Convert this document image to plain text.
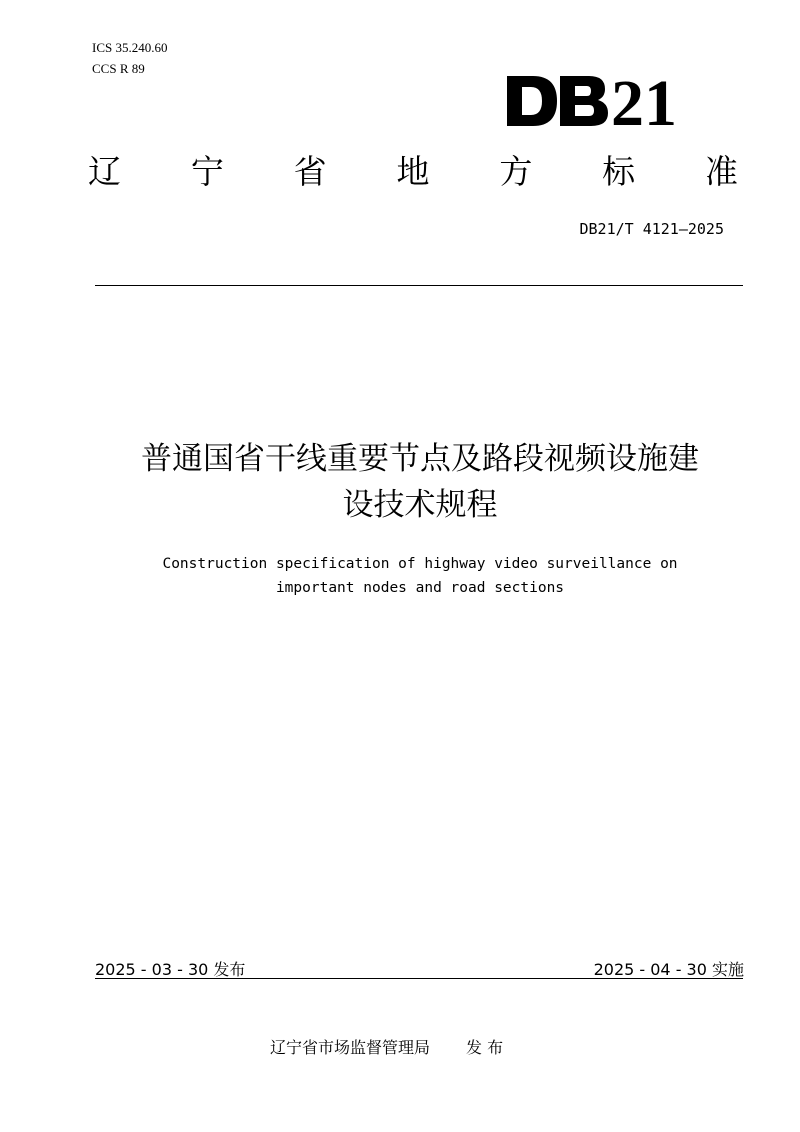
ICS 35.240.60
CCS R 89	21
辽 宁 省 地 方 标 准
DB21/T 4121—2025
普通国省干线重要节点及路段视频设施建
设技术规程
Construction specification of highway video surveillance on
important nodes and road sections
2025 - 03 - 30 发布	2025 - 04 - 30 实施
辽宁省市场监督管理局 发 布
